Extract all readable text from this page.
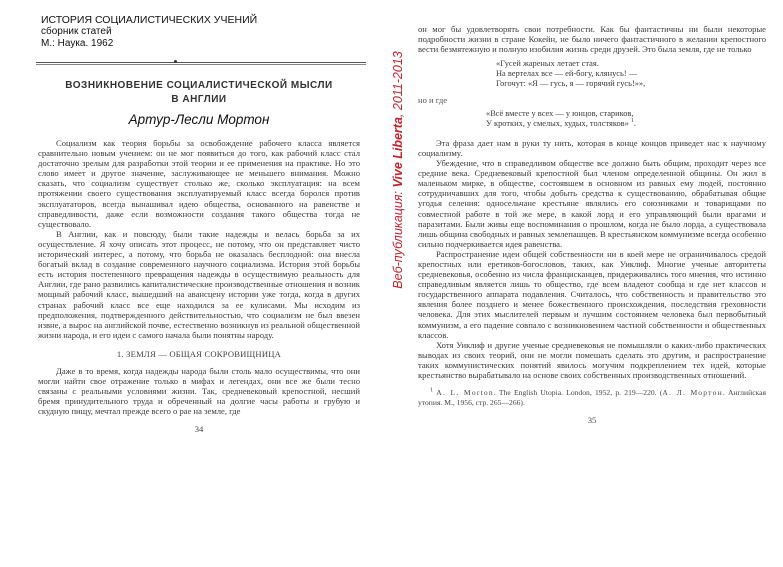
ИСТОРИЯ СОЦИАЛИСТИЧЕСКИХ УЧЕНИЙ
сборник статей
М.: Наука. 1962
ВОЗНИКНОВЕНИЕ СОЦИАЛИСТИЧЕСКОЙ МЫСЛИ
В АНГЛИИ
Артур-Лесли Мортон

Социализм как теория борьбы за освобождение рабочего класса является сравнительно новым учением: он не мог появиться до того, как рабочий класс стал достаточно зрелым для разработки этой теории и ее применения на практике. Но это слово имеет и другое значение, заслуживающее не меньшего внимания. Можно сказать, что социализм существует столько же, сколько эксплуатация: на всем протяжении своего существования эксплуатируемый класс всегда боролся против эксплуататоров, всегда вынашивал идею общества, основанного на равенстве и справедливости, даже если возможности создания такого общества тогда не существовало.

В Англии, как и повсюду, были такие надежды и велась борьба за их осуществление. Я хочу описать этот процесс, не потому, что он представляет чисто исторический интерес, а потому, что борьба не оказалась бесплодной: она внесла богатый вклад в создание современного научного социализма. История этой борьбы есть история постепенного превращения надежды в осуществимую реальность для Англии, где рано развились капиталистические производственные отношения и возник мощный рабочий класс, вышедший на авансцену истории уже тогда, когда в других странах рабочий класс все еще находился за ее кулисами. Мы исходим из предположения, подтвержденного действительностью, что социализм не был ввезен извне, а вырос на английской почве, естественно возникнув из реальной общественной жизни народа, и его идеи с самого начала были понятны народу.

1. ЗЕМЛЯ — ОБЩАЯ СОКРОВИЩНИЦА

Даже в то время, когда надежды народа были столь мало осуществимы, что они могли найти свое отражение только в мифах и легендах, они все же были тесно связаны с реальными условиями жизни. Так, средневековый крепостной, несший бремя принудительного труда и обреченный на долгие часы работы и грубую и скудную пищу, мечтал прежде всего о рае на земле, где

34
Веб-публикация: Vive Liberta, 2011-2013

он мог бы удовлетворять свои потребности. Как бы фантастичны ни были некоторые подробности жизни в стране Кокейн, не было ничего фантастичного в желании крепостного вести безмятежную и полную изобилия жизнь среди друзей. Это была земля, где не только

«Гусей жареных летает стая.
На вертелах все — ей-богу, клянусь! —
Гогочут: «Я — гусь, я — горячий гусь!»»,
но и где
«Всё вместе у всех — у юнцов, стариков,
У кротких, у смелых, худых, толстяков» $^1$.

Эта фраза дает нам в руки ту нить, которая в конце концов приведет нас к научному социализму.

Убеждение, что в справедливом обществе все должно быть общим, проходит через все средние века. Средневековый крепостной был членом определенной общины. Он жил в маленьком мирке, в обществе, состоявшем в основном из равных ему людей, постоянно сотрудничавших для того, чтобы добыть средства к существованию, обрабатывая общие угодья селения: односельчане крестьяне являлись его союзниками и товарищами по совместной работе в той же мере, в какой лорд и его управляющий были врагами и паразитами. Были живы еще воспоминания о прошлом, когда не было лорда, а существовала лишь община свободных и равных землепашцев. В крестьянском коммунизме всегда особенно сильно подчеркивается идея равенства.

Распространение идеи общей собственности ни в коей мере не ограничивалось средой крепостных или еретиков-богословов, таких, как Уиклиф. Многие ученые авторитеты средневековья, особенно из числа францисканцев, придерживались того мнения, что истинно справедливым является лишь то общество, где всем владеют сообща и где нет классов и государственного аппарата подавления. Считалось, что собственность и правительство это явления более позднего и менее божественного происхождения, последствия греховности человека. Для этих мыслителей первым и лучшим состоянием человека был первобытный коммунизм, а его падение совпало с возникновением частной собственности и общественных классов.

Хотя Уиклиф и другие ученые средневековья не помышляли о каких-либо практических выводах из своих теорий, они не могли помешать сделать это другим, и распространение таких коммунистических понятий явилось могучим подкреплением тех идей, которые крестьянство вырабатывало на основе своих собственных производственных отношений.

$^1$ A. L. Morton. The English Utopia. London, 1952, p. 219—220. (А. Л. Мортон. Английская утопия. М., 1956, стр. 265—266).

35
